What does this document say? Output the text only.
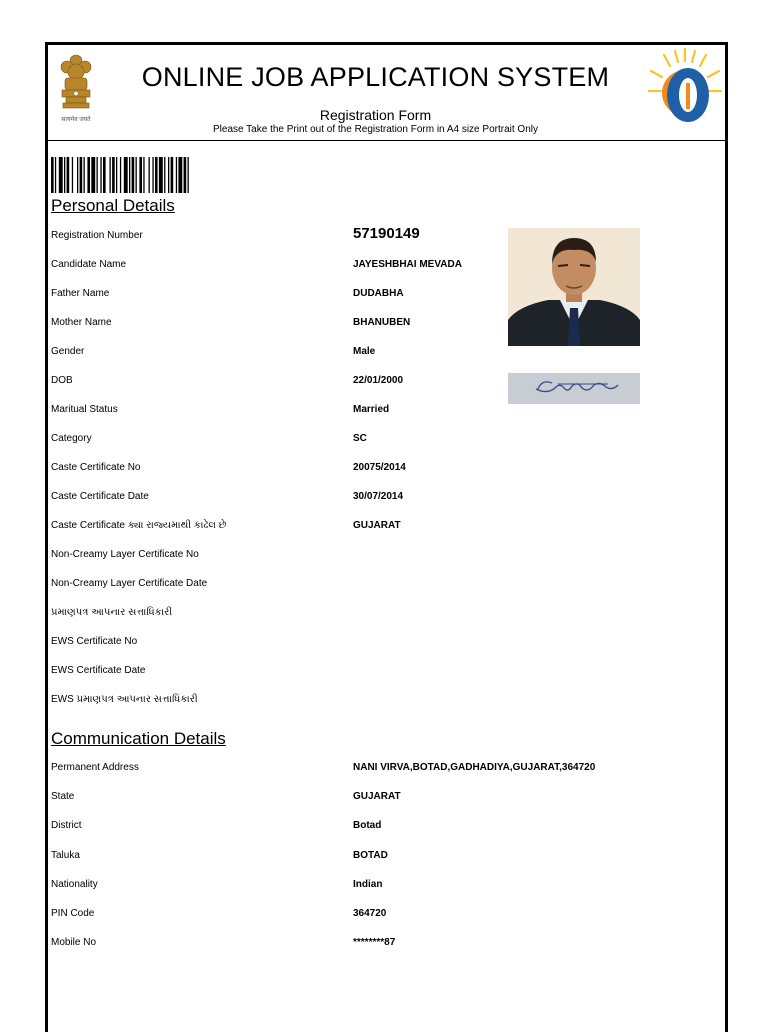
सत्यमेव जयते
ONLINE JOB APPLICATION SYSTEM
Registration Form
Please Take the Print out of the Registration Form in A4 size Portrait Only
Personal Details
Registration Number	57190149
Candidate Name	JAYESHBHAI MEVADA
Father Name	DUDABHA
Mother Name	BHANUBEN
Gender	Male
DOB	22/01/2000
Maritual Status	Married
Category	SC
Caste Certificate No	20075/2014
Caste Certificate Date	30/07/2014
Caste Certificate ક્યા રાજ્યમાથી કાઢેલ છે	GUJARAT
Non-Creamy Layer Certificate No
Non-Creamy Layer Certificate Date
પ્રમાણપત્ર આપનાર સત્તાધિકારી
EWS Certificate No
EWS Certificate Date
EWS પ્રમાણપત્ર આપનાર સત્તાધિકારી
Communication Details
Permanent Address	NANI VIRVA,BOTAD,GADHADIYA,GUJARAT,364720
State	GUJARAT
District	Botad
Taluka	BOTAD
Nationality	Indian
PIN Code	364720
Mobile No	********87
